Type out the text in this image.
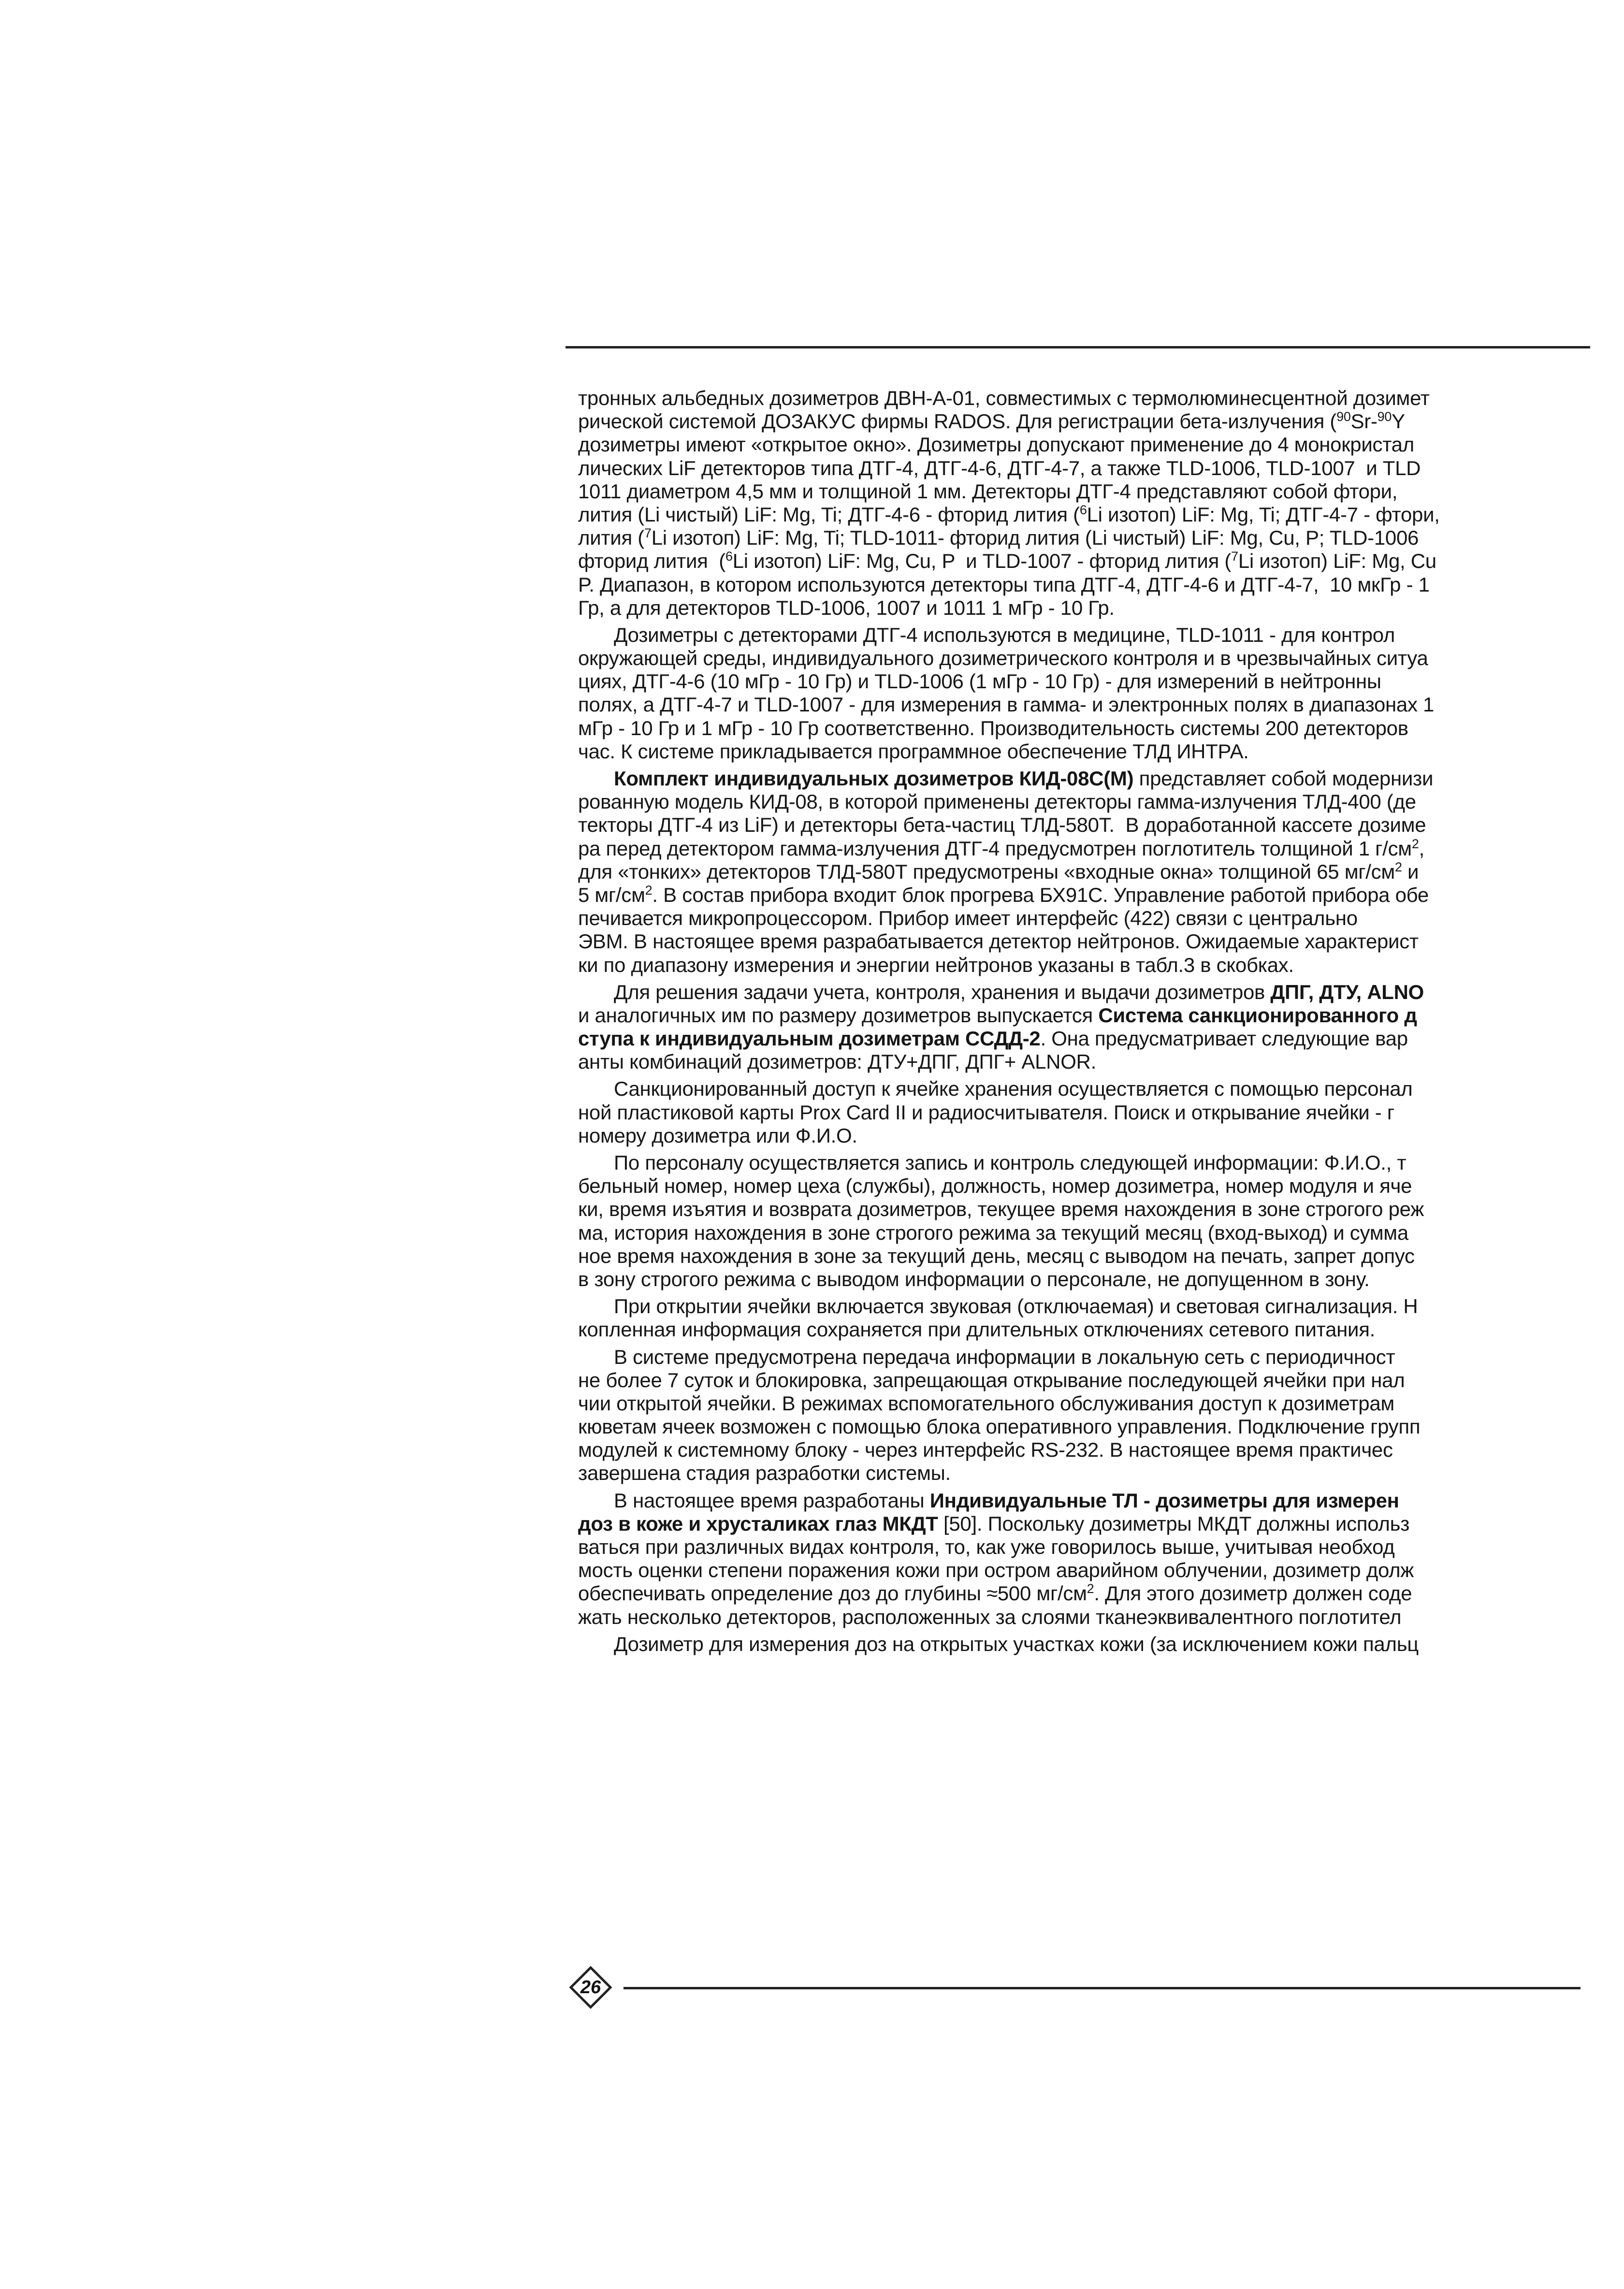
тронных альбедных дозиметров ДВН-А-01, совместимых с термолюминесцентной дозимет
рической системой ДОЗАКУС фирмы RADOS. Для регистрации бета-излучения ($^{90}$Sr-$^{90}$Y
дозиметры имеют «открытое окно». Дозиметры допускают применение до 4 монокристал
лических LiF детекторов типа ДТГ-4, ДТГ-4-6, ДТГ-4-7, а также TLD-1006, TLD-1007  и TLD
1011 диаметром 4,5 мм и толщиной 1 мм. Детекторы ДТГ-4 представляют собой фтори,
лития (Li чистый) LiF: Mg, Ti; ДТГ-4-6 - фторид лития ($^6$Li изотоп) LiF: Mg, Ti; ДТГ-4-7 - фтори,
лития ($^7$Li изотоп) LiF: Mg, Ti; TLD-1011- фторид лития (Li чистый) LiF: Mg, Cu, P; TLD-1006
фторид лития  ($^6$Li изотоп) LiF: Mg, Cu, P  и TLD-1007 - фторид лития ($^7$Li изотоп) LiF: Mg, Cu
P. Диапазон, в котором используются детекторы типа ДТГ-4, ДТГ-4-6 и ДТГ-4-7,  10 мкГр - 1
Гр, а для детекторов TLD-1006, 1007 и 1011 1 мГр - 10 Гр.
Дозиметры с детекторами ДТГ-4 используются в медицине, TLD-1011 - для контрол
окружающей среды, индивидуального дозиметрического контроля и в чрезвычайных ситуа
циях, ДТГ-4-6 (10 мГр - 10 Гр) и TLD-1006 (1 мГр - 10 Гр) - для измерений в нейтронны
полях, а ДТГ-4-7 и TLD-1007 - для измерения в гамма- и электронных полях в диапазонах 1
мГр - 10 Гр и 1 мГр - 10 Гр соответственно. Производительность системы 200 детекторов
час. К системе прикладывается программное обеспечение ТЛД ИНТРА.
Комплект индивидуальных дозиметров КИД-08С(М) представляет собой модернизи
рованную модель КИД-08, в которой применены детекторы гамма-излучения ТЛД-400 (де
текторы ДТГ-4 из LiF) и детекторы бета-частиц ТЛД-580Т.  В доработанной кассете дозиме
ра перед детектором гамма-излучения ДТГ-4 предусмотрен поглотитель толщиной 1 $г/см^2$,
для «тонких» детекторов ТЛД-580Т предусмотрены «входные окна» толщиной 65 $мг/см^2$ и
5 $мг/см^2$. В состав прибора входит блок прогрева БХ91С. Управление работой прибора обе
печивается микропроцессором. Прибор имеет интерфейс (422) связи с центрально
ЭВМ. В настоящее время разрабатывается детектор нейтронов. Ожидаемые характерист
ки по диапазону измерения и энергии нейтронов указаны в табл.3 в скобках.
Для решения задачи учета, контроля, хранения и выдачи дозиметров ДПГ, ДТУ, ALNO
и аналогичных им по размеру дозиметров выпускается Система санкционированного д
ступа к индивидуальным дозиметрам ССДД-2. Она предусматривает следующие вар
анты комбинаций дозиметров: ДТУ+ДПГ, ДПГ+ ALNOR.
Санкционированный доступ к ячейке хранения осуществляется с помощью персонал
ной пластиковой карты Prox Card II и радиосчитывателя. Поиск и открывание ячейки - г
номеру дозиметра или Ф.И.О.
По персоналу осуществляется запись и контроль следующей информации: Ф.И.О., т
бельный номер, номер цеха (службы), должность, номер дозиметра, номер модуля и яче
ки, время изъятия и возврата дозиметров, текущее время нахождения в зоне строгого реж
ма, история нахождения в зоне строгого режима за текущий месяц (вход-выход) и сумма
ное время нахождения в зоне за текущий день, месяц с выводом на печать, запрет допус
в зону строгого режима с выводом информации о персонале, не допущенном в зону.
При открытии ячейки включается звуковая (отключаемая) и световая сигнализация. Н
копленная информация сохраняется при длительных отключениях сетевого питания.
В системе предусмотрена передача информации в локальную сеть с периодичност
не более 7 суток и блокировка, запрещающая открывание последующей ячейки при нал
чии открытой ячейки. В режимах вспомогательного обслуживания доступ к дозиметрам
кюветам ячеек возможен с помощью блока оперативного управления. Подключение групп
модулей к системному блоку - через интерфейс RS-232. В настоящее время практичес
завершена стадия разработки системы.
В настоящее время разработаны Индивидуальные ТЛ - дозиметры для измерен
доз в коже и хрусталиках глаз МКДТ [50]. Поскольку дозиметры МКДТ должны использ
ваться при различных видах контроля, то, как уже говорилось выше, учитывая необход
мость оценки степени поражения кожи при остром аварийном облучении, дозиметр долж
обеспечивать определение доз до глубины ≈500 $мг/см^2$. Для этого дозиметр должен соде
жать несколько детекторов, расположенных за слоями тканеэквивалентного поглотител
Дозиметр для измерения доз на открытых участках кожи (за исключением кожи пальц
26
